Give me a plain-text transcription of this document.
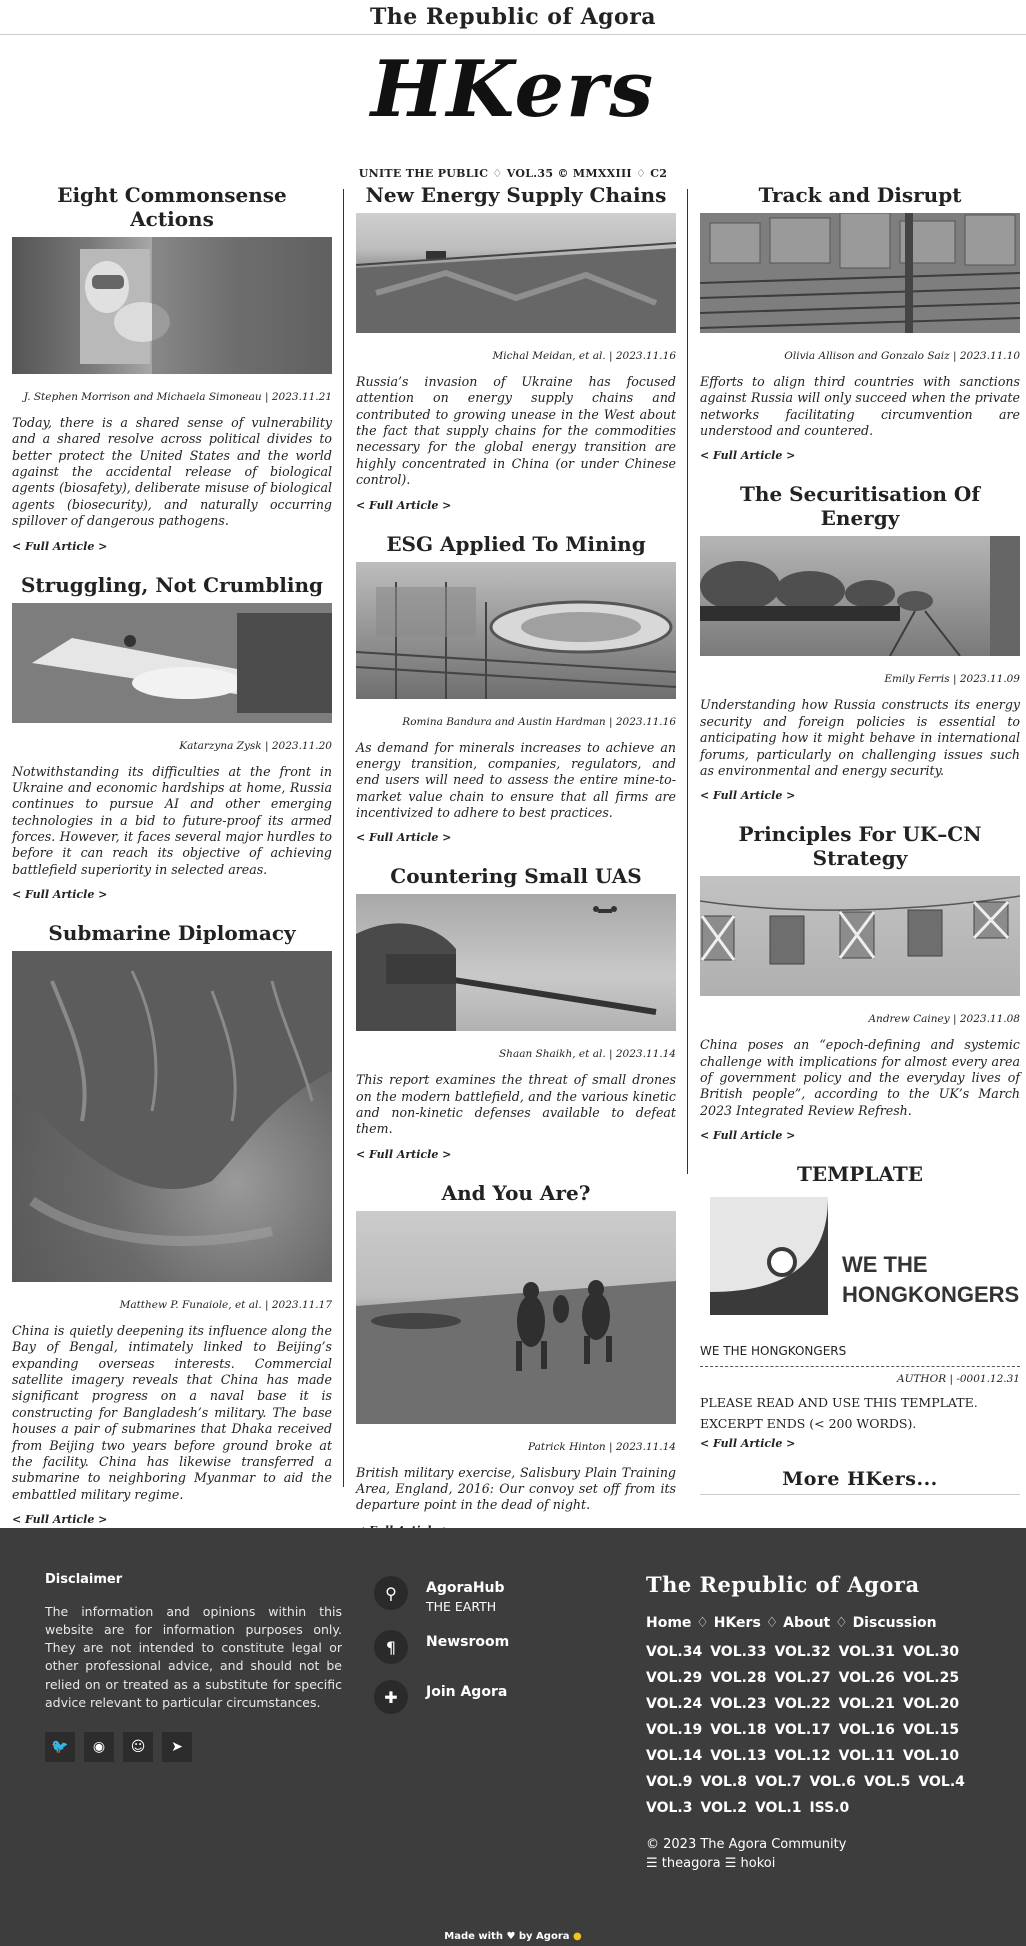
The Republic of Agora
HKers
UNITE THE PUBLIC ♢ VOL.35 © MMXXIII ♢ C2
Eight Commonsense Actions
J. Stephen Morrison and Michaela Simoneau | 2023.11.21

Today, there is a shared sense of vulnerability and a shared resolve across political divides to better protect the United States and the world against the accidental release of biological agents (biosafety), deliberate misuse of biological agents (biosecurity), and naturally occurring spillover of dangerous pathogens.

< Full Article >
Struggling, Not Crumbling
Katarzyna Zysk | 2023.11.20

Notwithstanding its difficulties at the front in Ukraine and economic hardships at home, Russia continues to pursue AI and other emerging technologies in a bid to future-proof its armed forces. However, it faces several major hurdles to before it can reach its objective of achieving battlefield superiority in selected areas.

< Full Article >
Submarine Diplomacy
Matthew P. Funaiole, et al. | 2023.11.17

China is quietly deepening its influence along the Bay of Bengal, intimately linked to Beijing’s expanding overseas interests. Commercial satellite imagery reveals that China has made significant progress on a naval base it is constructing for Bangladesh’s military. The base houses a pair of submarines that Dhaka received from Beijing two years before ground broke at the facility. China has likewise transferred a submarine to neighboring Myanmar to aid the embattled military regime.

< Full Article >
New Energy Supply Chains
Michal Meidan, et al. | 2023.11.16

Russia’s invasion of Ukraine has focused attention on energy supply chains and contributed to growing unease in the West about the fact that supply chains for the commodities necessary for the global energy transition are highly concentrated in China (or under Chinese control).

< Full Article >
ESG Applied To Mining
Romina Bandura and Austin Hardman | 2023.11.16

As demand for minerals increases to achieve an energy transition, companies, regulators, and end users will need to assess the entire mine-to-market value chain to ensure that all firms are incentivized to adhere to best practices.

< Full Article >
Countering Small UAS
Shaan Shaikh, et al. | 2023.11.14

This report examines the threat of small drones on the modern battlefield, and the various kinetic and non-kinetic defenses available to defeat them.

< Full Article >
And You Are?
Patrick Hinton | 2023.11.14

British military exercise, Salisbury Plain Training Area, England, 2016: Our convoy set off from its departure point in the dead of night.

Track and Disrupt
Olivia Allison and Gonzalo Saiz | 2023.11.10

Efforts to align third countries with sanctions against Russia will only succeed when the private networks facilitating circumvention are understood and countered.

< Full Article >
The Securitisation Of Energy
Emily Ferris | 2023.11.09

Understanding how Russia constructs its energy security and foreign policies is essential to anticipating how it might behave in international forums, particularly on challenging issues such as environmental and energy security.

< Full Article >
Principles For UK–CN Strategy
Andrew Cainey | 2023.11.08

China poses an “epoch-defining and systemic challenge with implications for almost every area of government policy and the everyday lives of British people”, according to the UK’s March 2023 Integrated Review Refresh.

< Full Article >
TEMPLATE
WE THE
HONGKONGERS
WE THE HONGKONGERS
AUTHOR | -0001.12.31

PLEASE READ AND USE THIS TEMPLATE.

EXCERPT ENDS (< 200 WORDS).

< Full Article >
More HKers...
Disclaimer

The information and opinions within this website are for information purposes only. They are not intended to constitute legal or other professional advice, and should not be relied on or treated as a substitute for specific advice relevant to particular circumstances.

🐦	◉	☺	➤
⚲	AgoraHub
THE EARTH
¶	Newsroom
✚	Join Agora
The Republic of Agora
Home ♢ HKers ♢ About ♢ Discussion
VOL.34 VOL.33 VOL.32 VOL.31 VOL.30VOL.29 VOL.28 VOL.27 VOL.26 VOL.25VOL.24 VOL.23 VOL.22 VOL.21 VOL.20VOL.19 VOL.18 VOL.17 VOL.16 VOL.15VOL.14 VOL.13 VOL.12 VOL.11 VOL.10VOL.9 VOL.8 VOL.7 VOL.6 VOL.5 VOL.4VOL.3 VOL.2 VOL.1 ISS.0
© 2023 The Agora Community
☰ theagora ☰ hokoi
Made with ♥ by Agora ●
